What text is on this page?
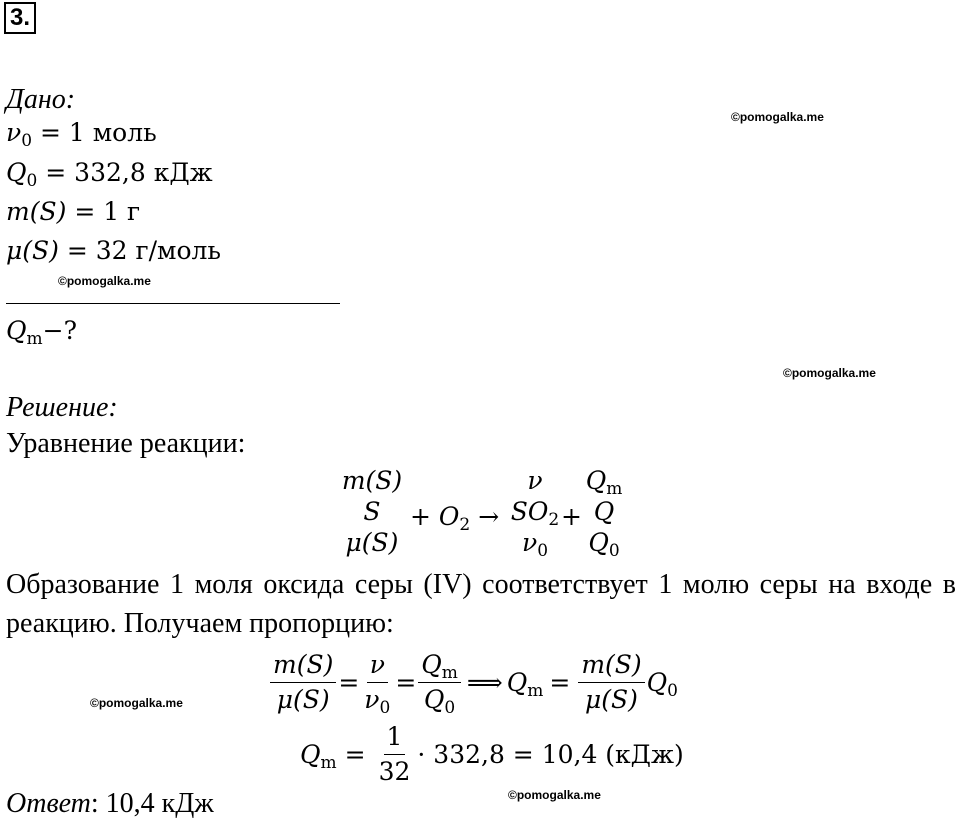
3.
Дано:
$\nu_0 = 1$ моль
$Q_0 = 332,8$ кДж
m(S) = 1 г
μ(S) = 32 г/моль
$Q_m-$?
Решение:
Уравнение реакции:
m(S)
S
μ(S)
+ $O_2$ →
ν
$SO_2$
$\nu_0$
+
$Q_m$
Q
$Q_0$
Образование 1 моля оксида серы (IV) соответствует 1 молю серы на входе в
реакцию. Получаем пропорцию:
$\frac{m(S)}{\mu(S)} = \frac{\nu}{\nu_0} = \frac{Q_m}{Q_0}$ ⟹ $Q_m = \frac{m(S)}{\mu(S)} Q_0$
$Q_m = \frac{1}{32} \cdot 332,8 = 10,4$ (кДж)
Ответ: 10,4 кДж
©pomogalka.me
©pomogalka.me
©pomogalka.me
©pomogalka.me
©pomogalka.me
